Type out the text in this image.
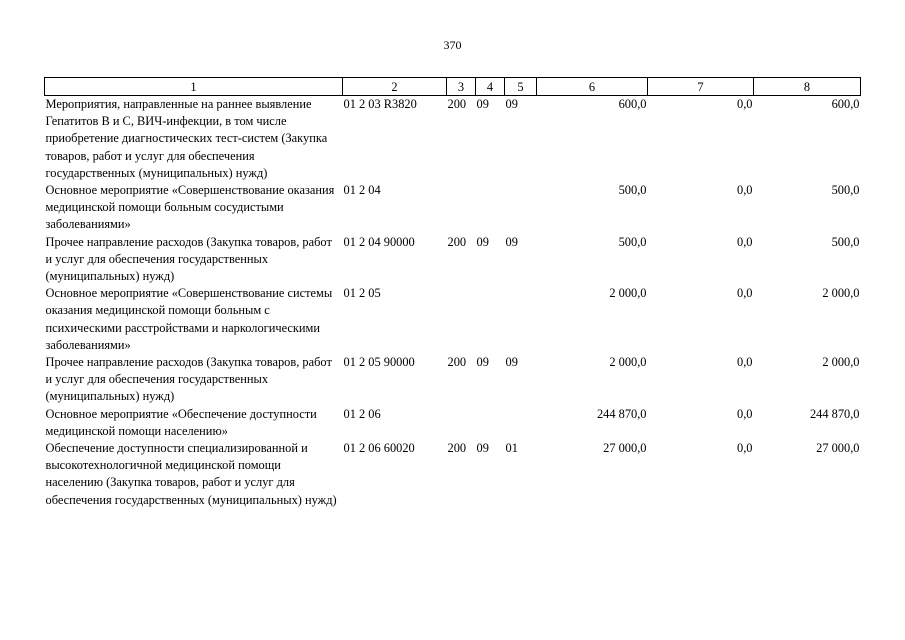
370
1	2	3	4	5	6	7	8
Мероприятия, направленные на раннее выявление Гепатитов В и С, ВИЧ-инфекции, в том числе приобретение диагностических тест-систем (Закупка товаров, работ и услуг для обеспечения государственных (муниципальных) нужд)	01 2 03 R3820	200	09	09	600,0	0,0	600,0
Основное мероприятие «Совершенствование оказания медицинской помощи больным сосудистыми заболеваниями»	01 2 04				500,0	0,0	500,0
Прочее направление расходов (Закупка товаров, работ и услуг для обеспечения государственных (муниципальных) нужд)	01 2 04 90000	200	09	09	500,0	0,0	500,0
Основное мероприятие «Совершенствование системы оказания медицинской помощи больным с психическими расстройствами и наркологическими заболеваниями»	01 2 05				2 000,0	0,0	2 000,0
Прочее направление расходов (Закупка товаров, работ и услуг для обеспечения государственных (муниципальных) нужд)	01 2 05 90000	200	09	09	2 000,0	0,0	2 000,0
Основное мероприятие «Обеспечение доступности медицинской помощи населению»	01 2 06				244 870,0	0,0	244 870,0
Обеспечение доступности специализированной и высокотехнологичной медицинской помощи населению (Закупка товаров, работ и услуг для обеспечения государственных (муниципальных) нужд)	01 2 06 60020	200	09	01	27 000,0	0,0	27 000,0
